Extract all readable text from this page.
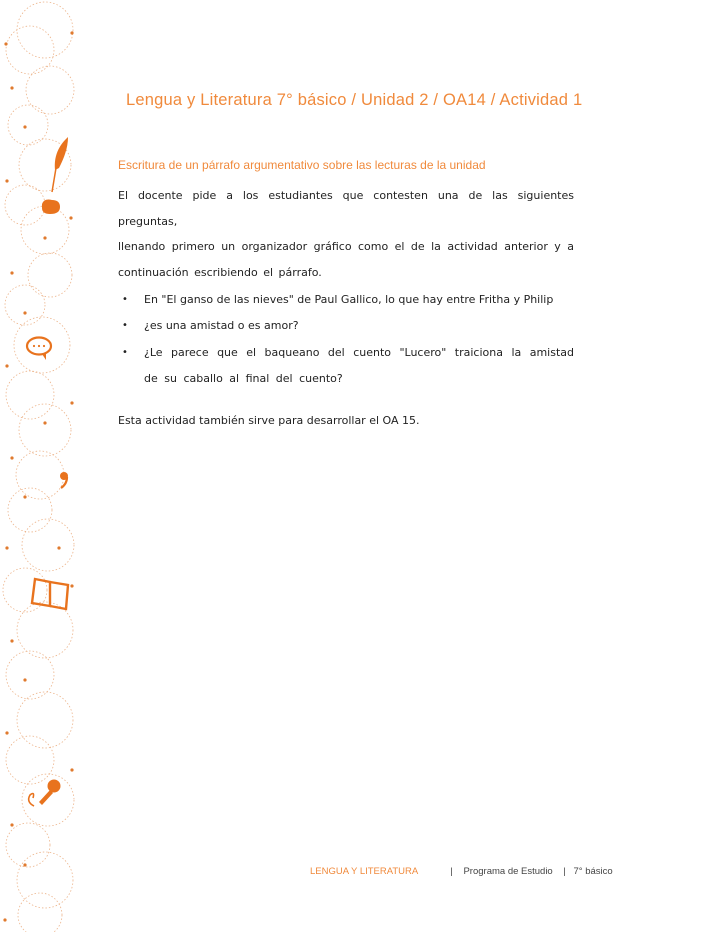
Lengua y Literatura 7° básico / Unidad 2 / OA14 / Actividad 1
Escritura de un párrafo argumentativo sobre las lecturas de la unidad

El docente pide a los estudiantes que contesten una de las siguientes preguntas,
llenando primero un organizador gráfico como el de la actividad anterior y a
continuación escribiendo el párrafo.

• En "El ganso de las nieves" de Paul Gallico, lo que hay entre Fritha y Philip
• ¿es una amistad o es amor?
• ¿Le parece que el baqueano del cuento "Lucero" traiciona la amistad de su caballo al final del cuento?
Esta actividad también sirve para desarrollar el OA 15.
LENGUA Y LITERATURA	| Programa de Estudio | 7° básico
